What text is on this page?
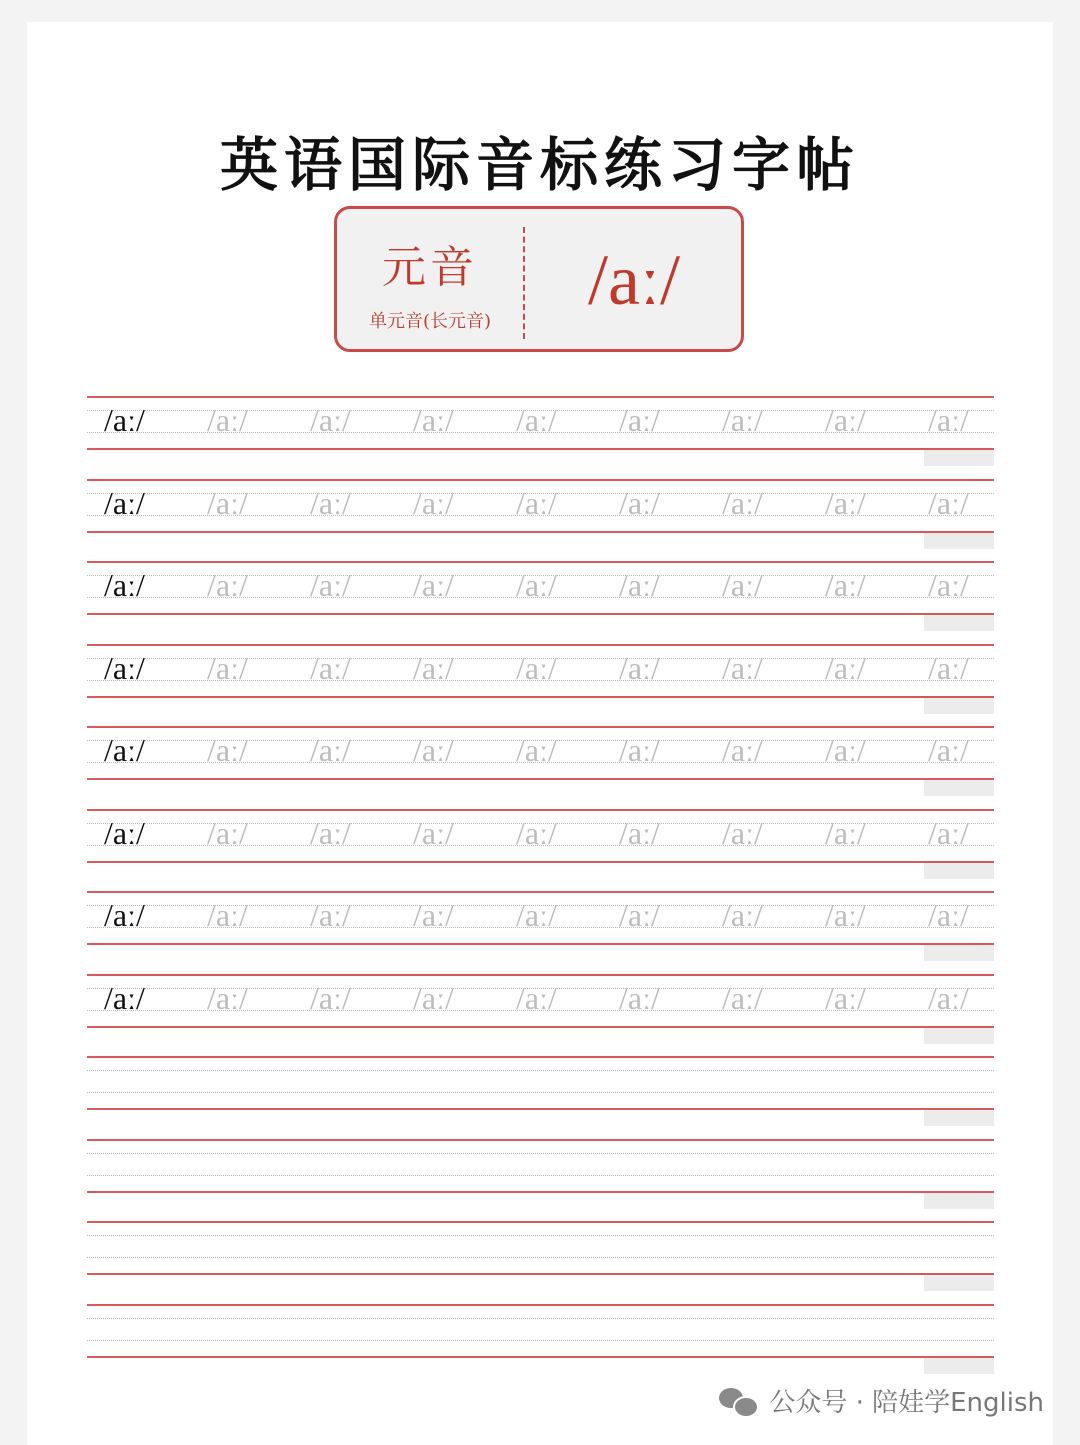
英语国际音标练习字帖
元音
单元音(长元音)
/aː/
/aː/ /aː/ /aː/ /aː/ /aː/ /aː/ /aː/ /aː/ /aː/
/aː/ /aː/ /aː/ /aː/ /aː/ /aː/ /aː/ /aː/ /aː/
/aː/ /aː/ /aː/ /aː/ /aː/ /aː/ /aː/ /aː/ /aː/
/aː/ /aː/ /aː/ /aː/ /aː/ /aː/ /aː/ /aː/ /aː/
/aː/ /aː/ /aː/ /aː/ /aː/ /aː/ /aː/ /aː/ /aː/
/aː/ /aː/ /aː/ /aː/ /aː/ /aː/ /aː/ /aː/ /aː/
/aː/ /aː/ /aː/ /aː/ /aː/ /aː/ /aː/ /aː/ /aː/
/aː/ /aː/ /aː/ /aː/ /aː/ /aː/ /aː/ /aː/ /aː/
公众号 · 陪娃学English
